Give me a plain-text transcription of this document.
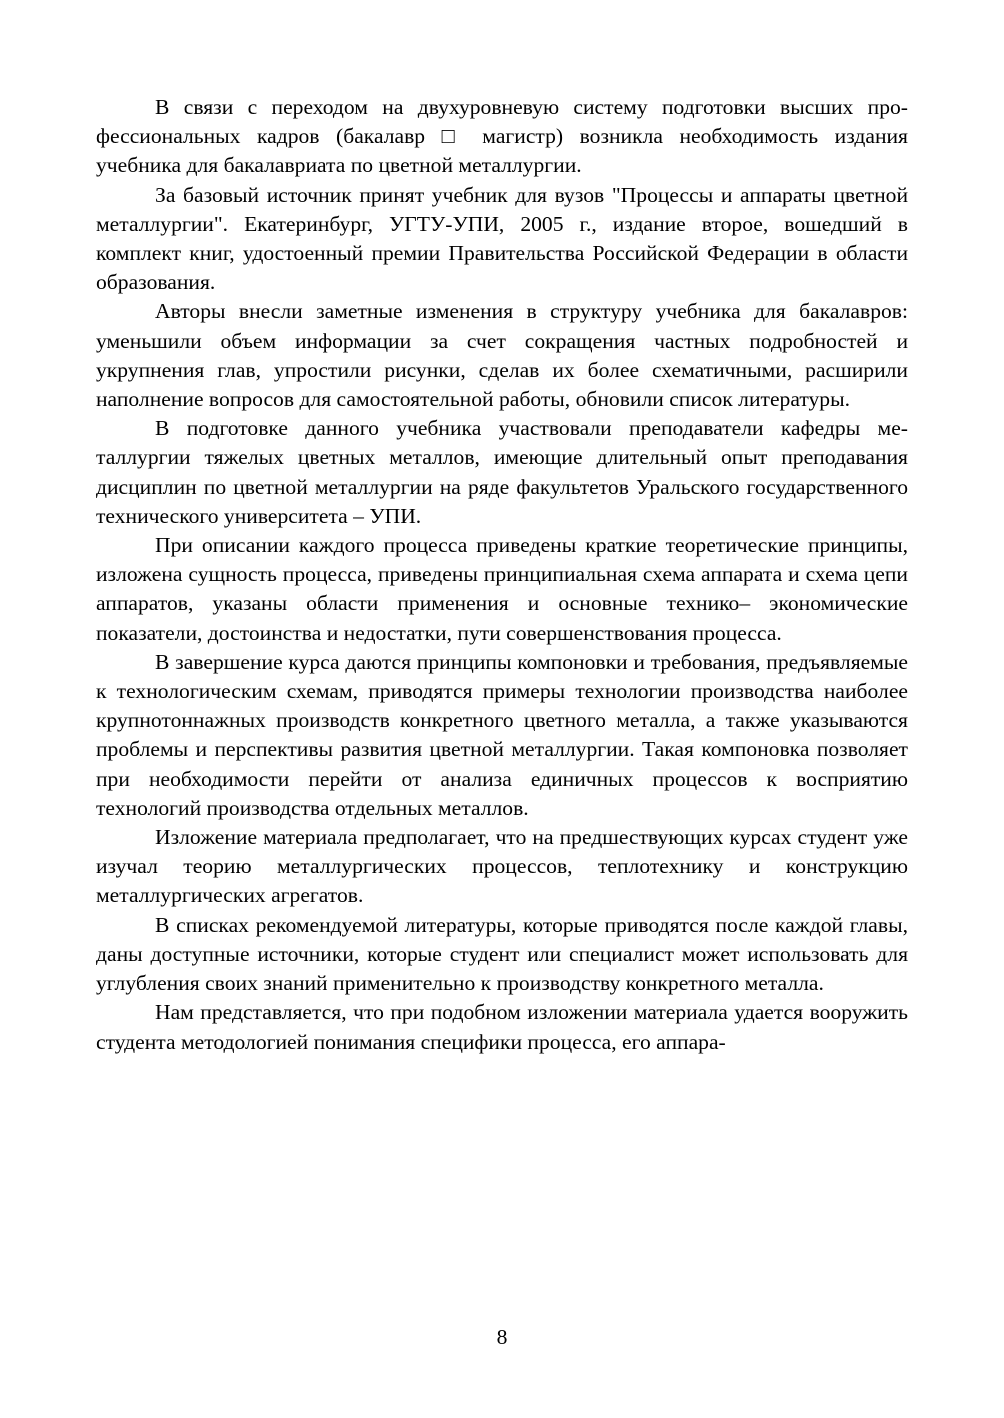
В связи с переходом на двухуровневую систему подготовки высших профессиональных кадров (бакалавр □ магистр) возникла необходимость издания учебника для бакалавриата по цветной металлургии.

За базовый источник принят учебник для вузов "Процессы и аппараты цветной металлургии". Екатеринбург, УГТУ-УПИ, 2005 г., издание второе, вошедший в комплект книг, удостоенный премии Правительства Российской Федерации в области образования.

Авторы внесли заметные изменения в структуру учебника для бакалавров: уменьшили объем информации за счет сокращения частных подробностей и укрупнения глав, упростили рисунки, сделав их более схематичными, расширили наполнение вопросов для самостоятельной работы, обновили список литературы.

В подготовке данного учебника участвовали преподаватели кафедры металлургии тяжелых цветных металлов, имеющие длительный опыт преподавания дисциплин по цветной металлургии на ряде факультетов Уральского государственного технического университета – УПИ.

При описании каждого процесса приведены краткие теоретические принципы, изложена сущность процесса, приведены принципиальная схема аппарата и схема цепи аппаратов, указаны области применения и основные технико– экономические показатели, достоинства и недостатки, пути совершенствования процесса.

В завершение курса даются принципы компоновки и требования, предъявляемые к технологическим схемам, приводятся примеры технологии производства наиболее крупнотоннажных производств конкретного цветного металла, а также указываются проблемы и перспективы развития цветной металлургии. Такая компоновка позволяет при необходимости перейти от анализа единичных процессов к восприятию технологий производства отдельных металлов.

Изложение материала предполагает, что на предшествующих курсах студент уже изучал теорию металлургических процессов, теплотехнику и конструкцию металлургических агрегатов.

В списках рекомендуемой литературы, которые приводятся после каждой главы, даны доступные источники, которые студент или специалист может использовать для углубления своих знаний применительно к производству конкретного металла.

Нам представляется, что при подобном изложении материала удается вооружить студента методологией понимания специфики процесса, его аппара-

8
